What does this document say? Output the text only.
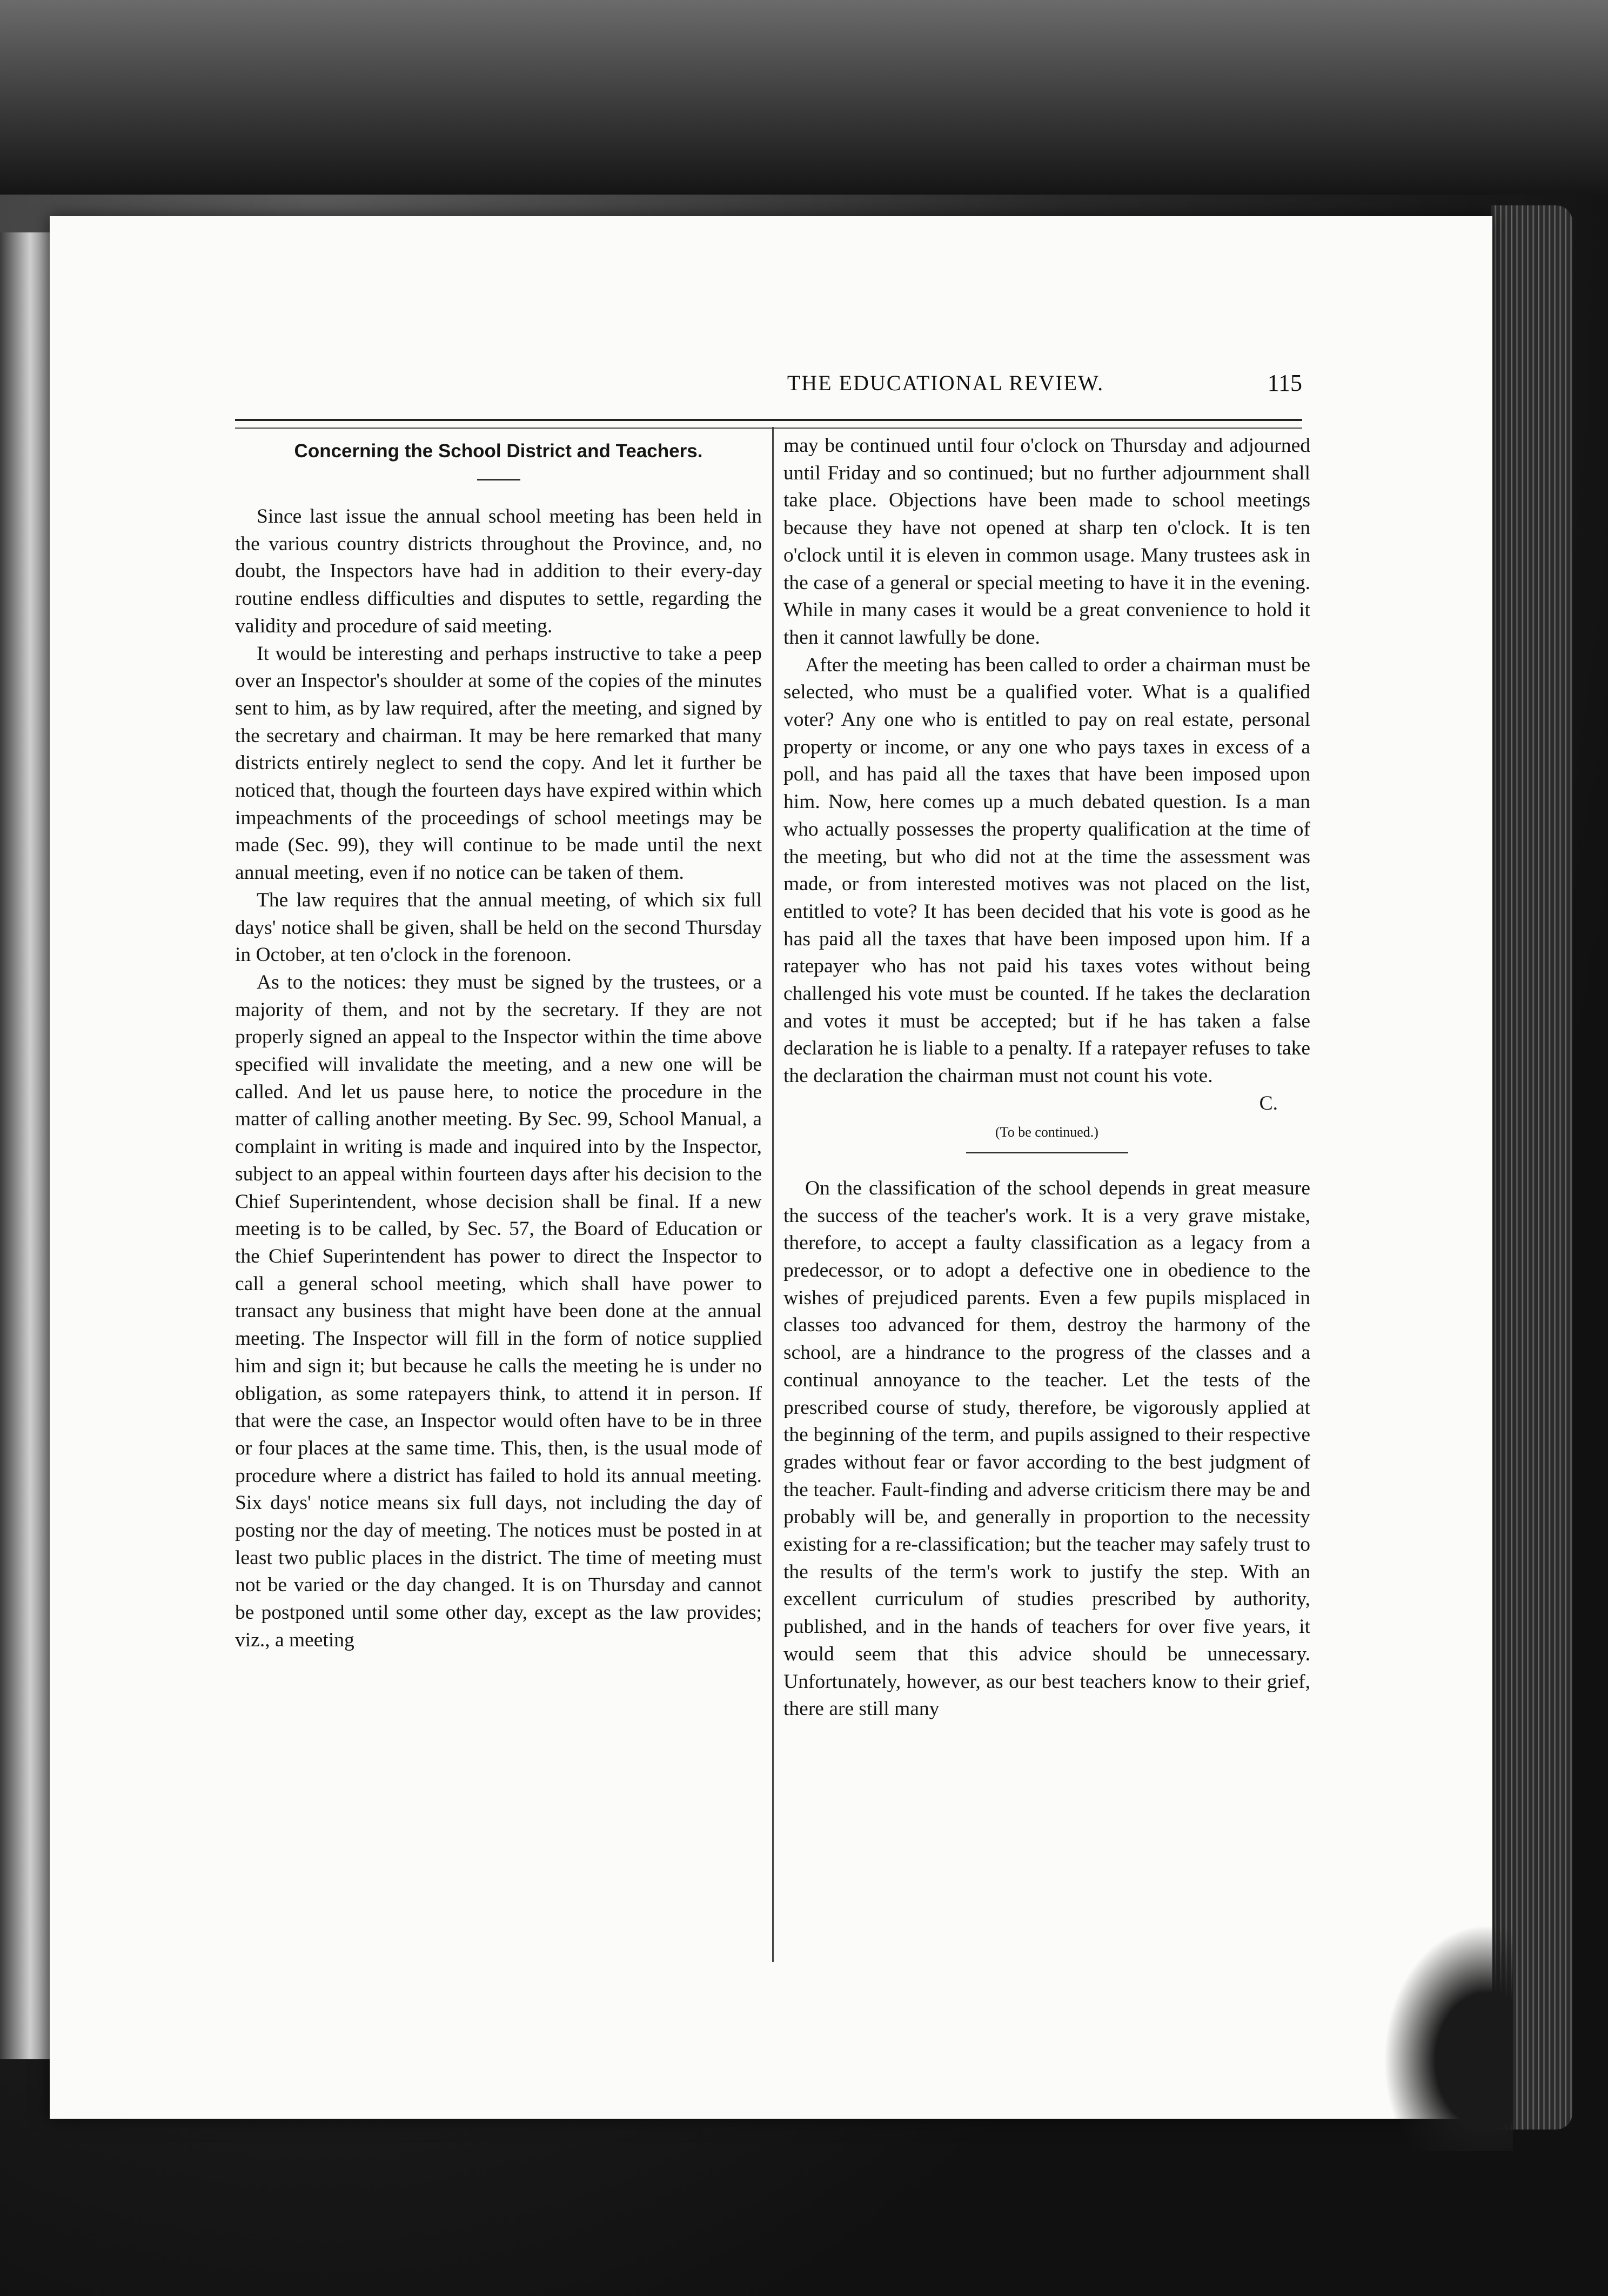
THE EDUCATIONAL REVIEW.	115
Concerning the School District and Teachers.

Since last issue the annual school meeting has been held in the various country districts throughout the Province, and, no doubt, the Inspectors have had in addition to their every-day routine endless difficulties and disputes to settle, regarding the validity and procedure of said meeting.

It would be interesting and perhaps instructive to take a peep over an Inspector's shoulder at some of the copies of the minutes sent to him, as by law required, after the meeting, and signed by the secretary and chairman. It may be here remarked that many districts entirely neglect to send the copy. And let it further be noticed that, though the fourteen days have expired within which impeachments of the proceedings of school meetings may be made (Sec. 99), they will continue to be made until the next annual meeting, even if no notice can be taken of them.

The law requires that the annual meeting, of which six full days' notice shall be given, shall be held on the second Thursday in October, at ten o'clock in the forenoon.

As to the notices: they must be signed by the trustees, or a majority of them, and not by the secretary. If they are not properly signed an appeal to the Inspector within the time above specified will invalidate the meeting, and a new one will be called. And let us pause here, to notice the procedure in the matter of calling another meeting. By Sec. 99, School Manual, a complaint in writing is made and inquired into by the Inspector, subject to an appeal within fourteen days after his decision to the Chief Superintendent, whose decision shall be final. If a new meeting is to be called, by Sec. 57, the Board of Education or the Chief Superintendent has power to direct the Inspector to call a general school meeting, which shall have power to transact any business that might have been done at the annual meeting. The Inspector will fill in the form of notice supplied him and sign it; but because he calls the meeting he is under no obligation, as some ratepayers think, to attend it in person. If that were the case, an Inspector would often have to be in three or four places at the same time. This, then, is the usual mode of procedure where a district has failed to hold its annual meeting. Six days' notice means six full days, not including the day of posting nor the day of meeting. The notices must be posted in at least two public places in the district. The time of meeting must not be varied or the day changed. It is on Thursday and cannot be postponed until some other day, except as the law provides; viz., a meeting

may be continued until four o'clock on Thursday and adjourned until Friday and so continued; but no further adjournment shall take place. Objections have been made to school meetings because they have not opened at sharp ten o'clock. It is ten o'clock until it is eleven in common usage. Many trustees ask in the case of a general or special meeting to have it in the evening. While in many cases it would be a great convenience to hold it then it cannot lawfully be done.

After the meeting has been called to order a chairman must be selected, who must be a qualified voter. What is a qualified voter? Any one who is entitled to pay on real estate, personal property or income, or any one who pays taxes in excess of a poll, and has paid all the taxes that have been imposed upon him. Now, here comes up a much debated question. Is a man who actually possesses the property qualification at the time of the meeting, but who did not at the time the assessment was made, or from interested motives was not placed on the list, entitled to vote? It has been decided that his vote is good as he has paid all the taxes that have been imposed upon him. If a ratepayer who has not paid his taxes votes without being challenged his vote must be counted. If he takes the declaration and votes it must be accepted; but if he has taken a false declaration he is liable to a penalty. If a ratepayer refuses to take the declaration the chairman must not count his vote.

C.
(To be continued.)

On the classification of the school depends in great measure the success of the teacher's work. It is a very grave mistake, therefore, to accept a faulty classification as a legacy from a predecessor, or to adopt a defective one in obedience to the wishes of prejudiced parents. Even a few pupils misplaced in classes too advanced for them, destroy the harmony of the school, are a hindrance to the progress of the classes and a continual annoyance to the teacher. Let the tests of the prescribed course of study, therefore, be vigorously applied at the beginning of the term, and pupils assigned to their respective grades without fear or favor according to the best judgment of the teacher. Fault-finding and adverse criticism there may be and probably will be, and generally in proportion to the necessity existing for a re-classification; but the teacher may safely trust to the results of the term's work to justify the step. With an excellent curriculum of studies prescribed by authority, published, and in the hands of teachers for over five years, it would seem that this advice should be unnecessary. Unfortunately, however, as our best teachers know to their grief, there are still many
